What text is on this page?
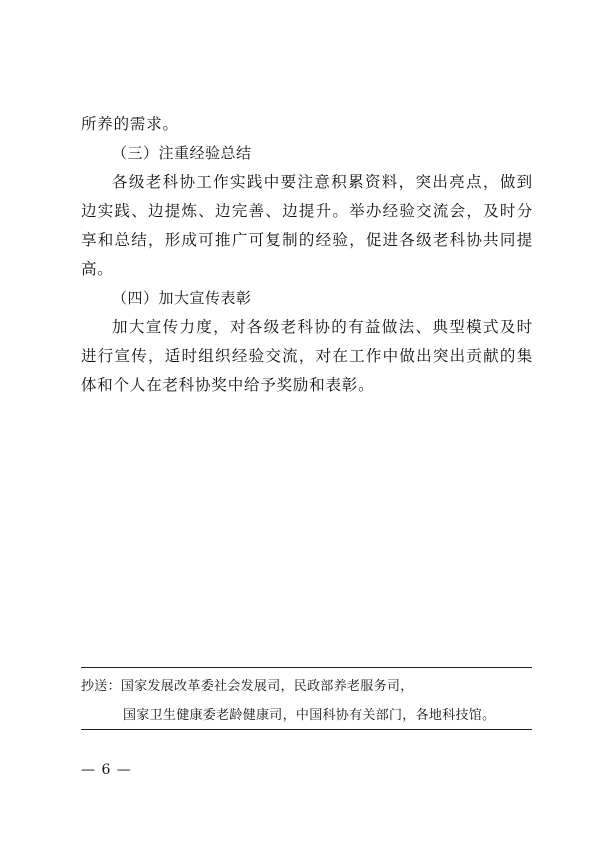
所养的需求。

（三）注重经验总结

各级老科协工作实践中要注意积累资料，突出亮点，做到边实践、边提炼、边完善、边提升。举办经验交流会，及时分享和总结，形成可推广可复制的经验，促进各级老科协共同提高。

（四）加大宣传表彰

加大宣传力度，对各级老科协的有益做法、典型模式及时进行宣传，适时组织经验交流，对在工作中做出突出贡献的集体和个人在老科协奖中给予奖励和表彰。

抄送：国家发展改革委社会发展司，民政部养老服务司，
国家卫生健康委老龄健康司，中国科协有关部门，各地科技馆。
— 6 —
